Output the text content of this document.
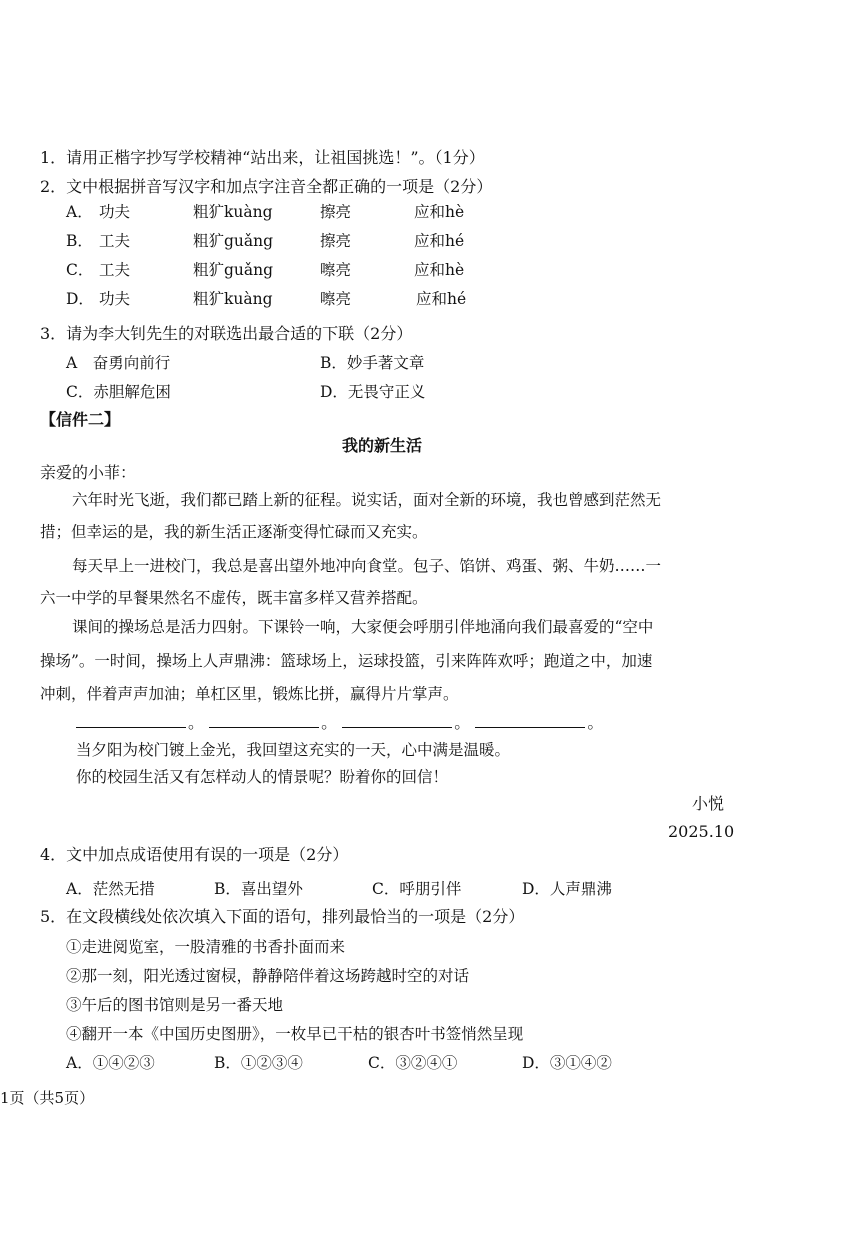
1．请用正楷字抄写学校精神“站出来，让祖国挑选！”。（1分）
2．文中根据拼音写汉字和加点字注音全都正确的一项是（2分）
A． 功夫	粗犷kuàng	擦亮	应和hè
B． 工夫	粗犷guǎng	擦亮	应和hé
C． 工夫	粗犷guǎng	嚓亮	应和hè
D． 功夫	粗犷kuàng	嚓亮	应和hé
3．请为李大钊先生的对联选出最合适的下联（2分）
A　奋勇向前行	B．妙手著文章
C．赤胆解危困	D．无畏守正义
【信件二】
我的新生活
亲爱的小菲：
六年时光飞逝，我们都已踏上新的征程。说实话，面对全新的环境，我也曾感到茫然无
措；但幸运的是，我的新生活正逐渐变得忙碌而又充实。
每天早上一进校门，我总是喜出望外地冲向食堂。包子、馅饼、鸡蛋、粥、牛奶……一
六一中学的早餐果然名不虚传，既丰富多样又营养搭配。
课间的操场总是活力四射。下课铃一响，大家便会呼朋引伴地涌向我们最喜爱的“空中
操场”。一时间，操场上人声鼎沸：篮球场上，运球投篮，引来阵阵欢呼；跑道之中，加速
冲刺，伴着声声加油；单杠区里，锻炼比拼，赢得片片掌声。
。	。	。	。
当夕阳为校门镀上金光，我回望这充实的一天，心中满是温暖。
你的校园生活又有怎样动人的情景呢？盼着你的回信！
小悦
2025.10
4．文中加点成语使用有误的一项是（2分）
A．茫然无措	B．喜出望外	C．呼朋引伴	D．人声鼎沸
5．在文段横线处依次填入下面的语句，排列最恰当的一项是（2分）
①走进阅览室，一股清雅的书香扑面而来
②那一刻，阳光透过窗棂，静静陪伴着这场跨越时空的对话
③午后的图书馆则是另一番天地
④翻开一本《中国历史图册》，一枚早已干枯的银杏叶书签悄然呈现
A．①④②③	B．①②③④	C．③②④①	D．③①④②
1页（共5页）
